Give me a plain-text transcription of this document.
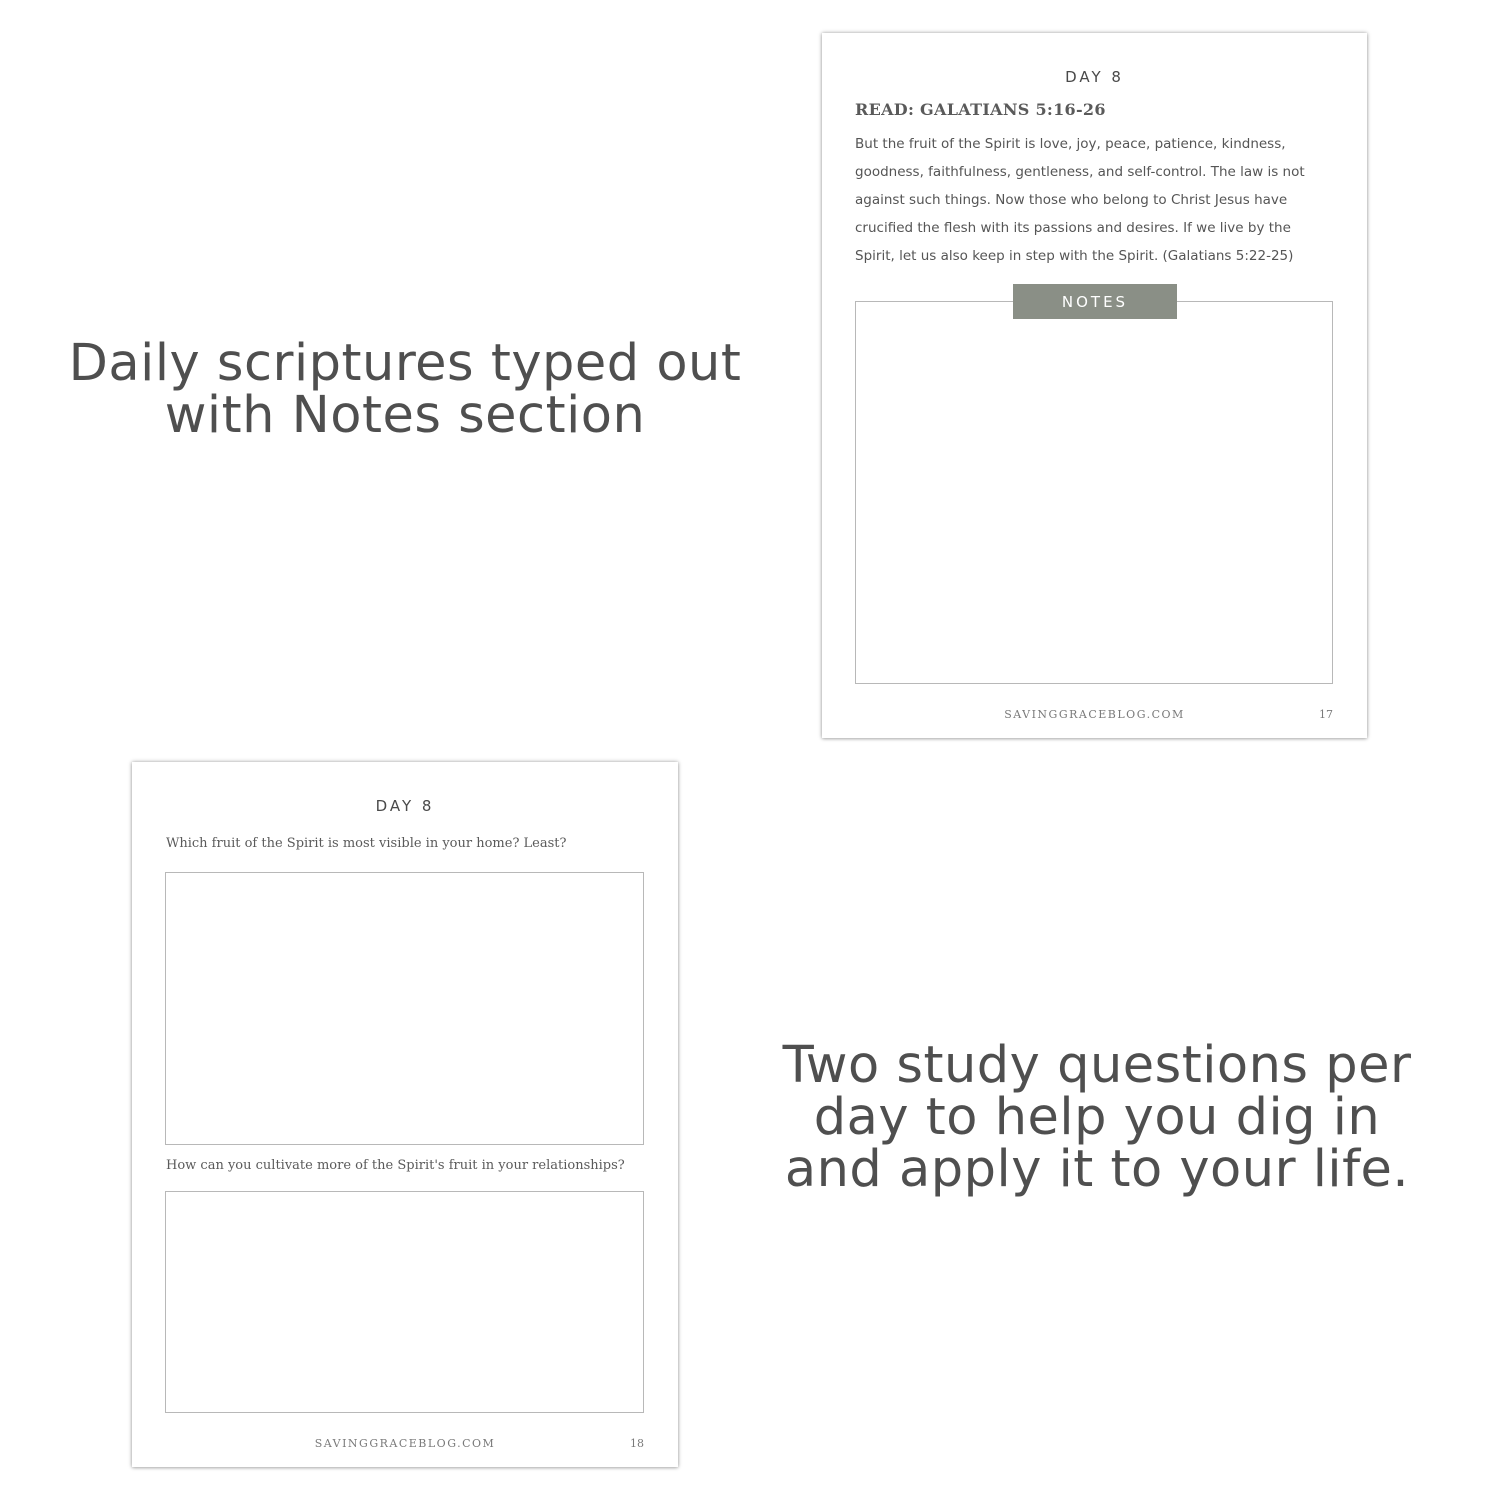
Daily scriptures typed out
with Notes section
DAY 8
READ: GALATIANS 5:16-26
But the fruit of the Spirit is love, joy, peace, patience, kindness,
goodness, faithfulness, gentleness, and self-control. The law is not
against such things. Now those who belong to Christ Jesus have
crucified the flesh with its passions and desires. If we live by the
Spirit, let us also keep in step with the Spirit. (Galatians 5:22-25)
NOTES
SAVINGGRACEBLOG.COM	17
DAY 8
Which fruit of the Spirit is most visible in your home? Least?
How can you cultivate more of the Spirit's fruit in your relationships?
SAVINGGRACEBLOG.COM	18
Two study questions per
day to help you dig in
and apply it to your life.
